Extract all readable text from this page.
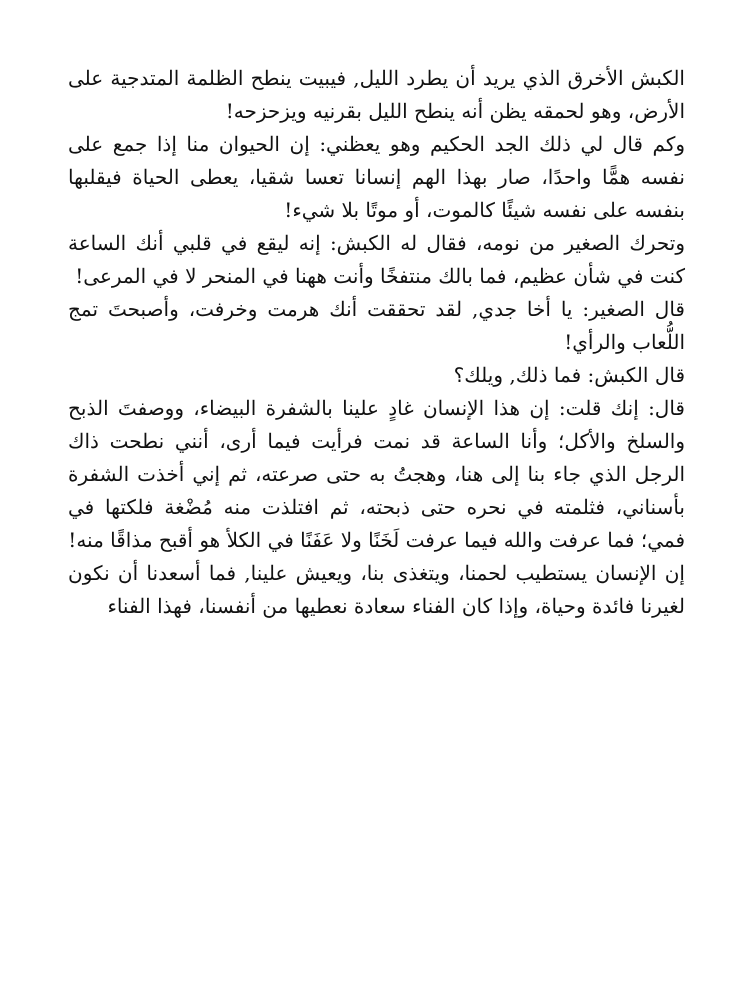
الكبش الأخرق الذي يريد أن يطرد الليل, فيبيت ينطح الظلمة المتدجية على الأرض، وهو لحمقه يظن أنه ينطح الليل بقرنيه ويزحزحه!

وكم قال لي ذلك الجد الحكيم وهو يعظني: إن الحيوان منا إذا جمع على نفسه همًّا واحدًا، صار بهذا الهم إنسانا تعسا شقيا، يعطى الحياة فيقلبها بنفسه على نفسه شيئًا كالموت، أو موتًا بلا شيء!

وتحرك الصغير من نومه، فقال له الكبش: إنه ليقع في قلبي أنك الساعة كنت في شأن عظيم، فما بالك منتفخًا وأنت ههنا في المنحر لا في المرعى!

قال الصغير: يا أخا جدي, لقد تحققت أنك هرمت وخرفت، وأصبحتَ تمج اللُّعاب والرأي!

قال الكبش: فما ذلك, ويلك؟

قال: إنك قلت: إن هذا الإنسان غادٍ علينا بالشفرة البيضاء، ووصفتَ الذبح والسلخ والأكل؛ وأنا الساعة قد نمت فرأيت فيما أرى، أنني نطحت ذاك الرجل الذي جاء بنا إلى هنا، وهجتُ به حتى صرعته، ثم إني أخذت الشفرة بأسناني، فثلمته في نحره حتى ذبحته، ثم افتلذت منه مُضْغة فلكتها في فمي؛ فما عرفت والله فيما عرفت لَخَنًا ولا عَفَنًا في الكلأ هو أقبح مذاقًا منه!

إن الإنسان يستطيب لحمنا، ويتغذى بنا، ويعيش علينا, فما أسعدنا أن نكون لغيرنا فائدة وحياة، وإذا كان الفناء سعادة نعطيها من أنفسنا، فهذا الفناء
